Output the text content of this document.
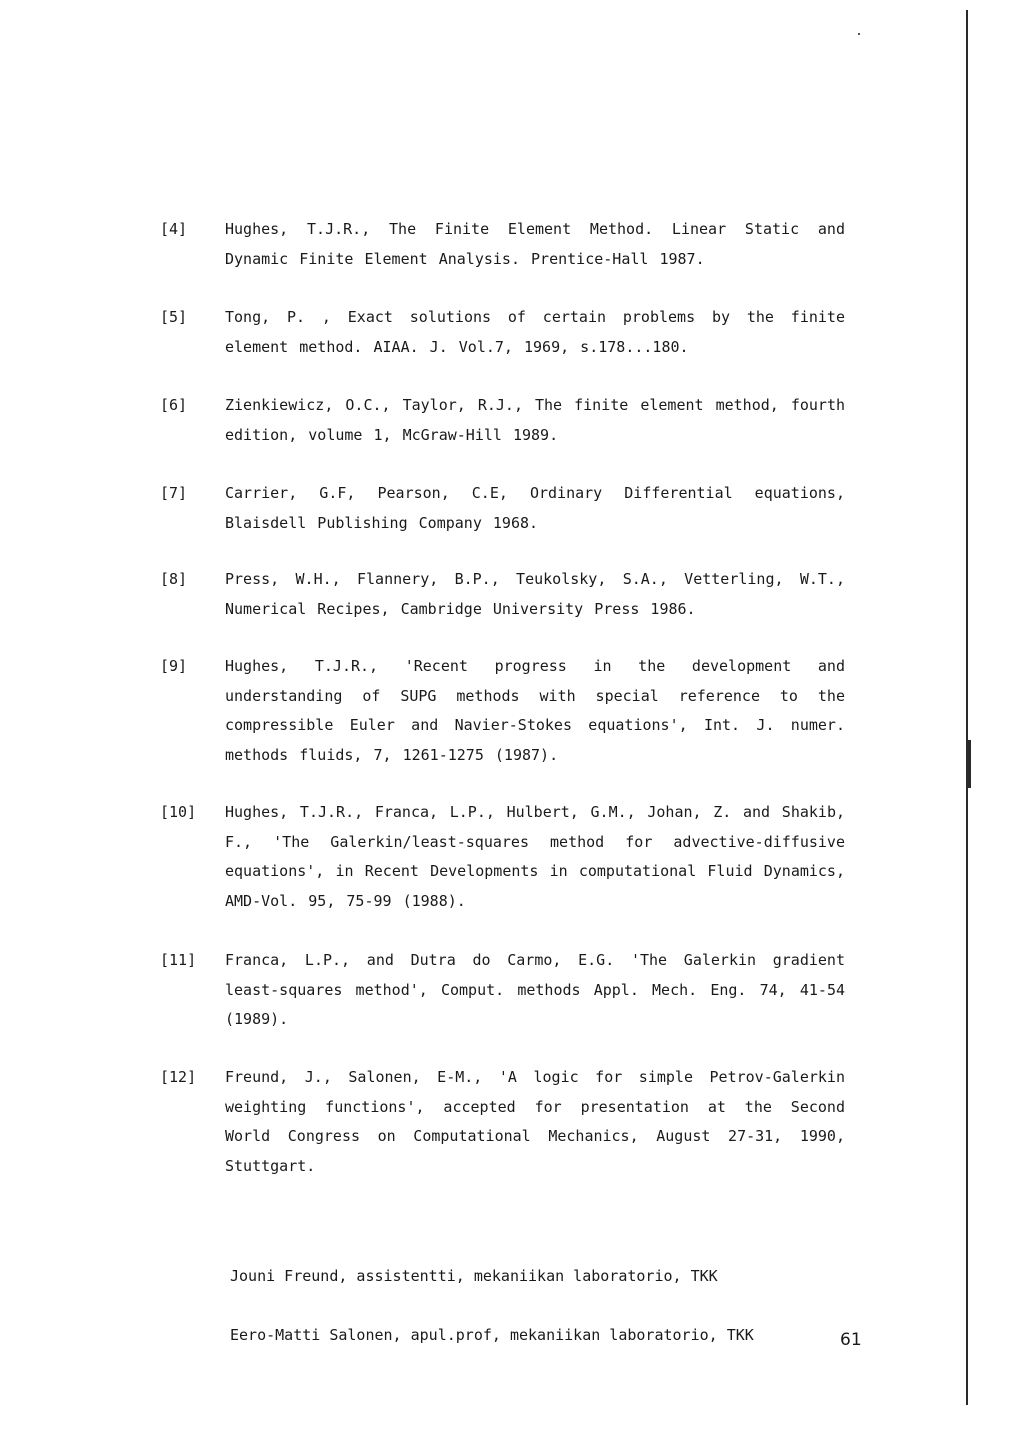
[4]	Hughes, T.J.R., The Finite Element Method. Linear Static and Dynamic Finite Element Analysis. Prentice-Hall 1987.
[5]	Tong, P. , Exact solutions of certain problems by the finite element method. AIAA. J. Vol.7, 1969, s.178...180.
[6]	Zienkiewicz, O.C., Taylor, R.J., The finite element method, fourth edition, volume 1, McGraw-Hill 1989.
[7]	Carrier, G.F, Pearson, C.E, Ordinary Differential equations, Blaisdell Publishing Company 1968.
[8]	Press, W.H., Flannery, B.P., Teukolsky, S.A., Vetterling, W.T., Numerical Recipes, Cambridge University Press 1986.
[9]	Hughes, T.J.R., 'Recent progress in the development and understanding of SUPG methods with special reference to the compressible Euler and Navier-Stokes equations', Int. J. numer. methods fluids, 7, 1261-1275 (1987).
[10] Hughes, T.J.R., Franca, L.P., Hulbert, G.M., Johan, Z. and Shakib, F., 'The Galerkin/least-squares method for advective-diffusive equations', in Recent Developments in computational Fluid Dynamics, AMD-Vol. 95, 75-99 (1988).
[11] Franca, L.P., and Dutra do Carmo, E.G. 'The Galerkin gradient least-squares method', Comput. methods Appl. Mech. Eng. 74, 41-54 (1989).
[12] Freund, J., Salonen, E-M., 'A logic for simple Petrov-Galerkin weighting functions', accepted for presentation at the Second World Congress on Computational Mechanics, August 27-31, 1990, Stuttgart.
Jouni Freund, assistentti, mekaniikan laboratorio, TKK
Eero-Matti Salonen, apul.prof, mekaniikan laboratorio, TKK	61
